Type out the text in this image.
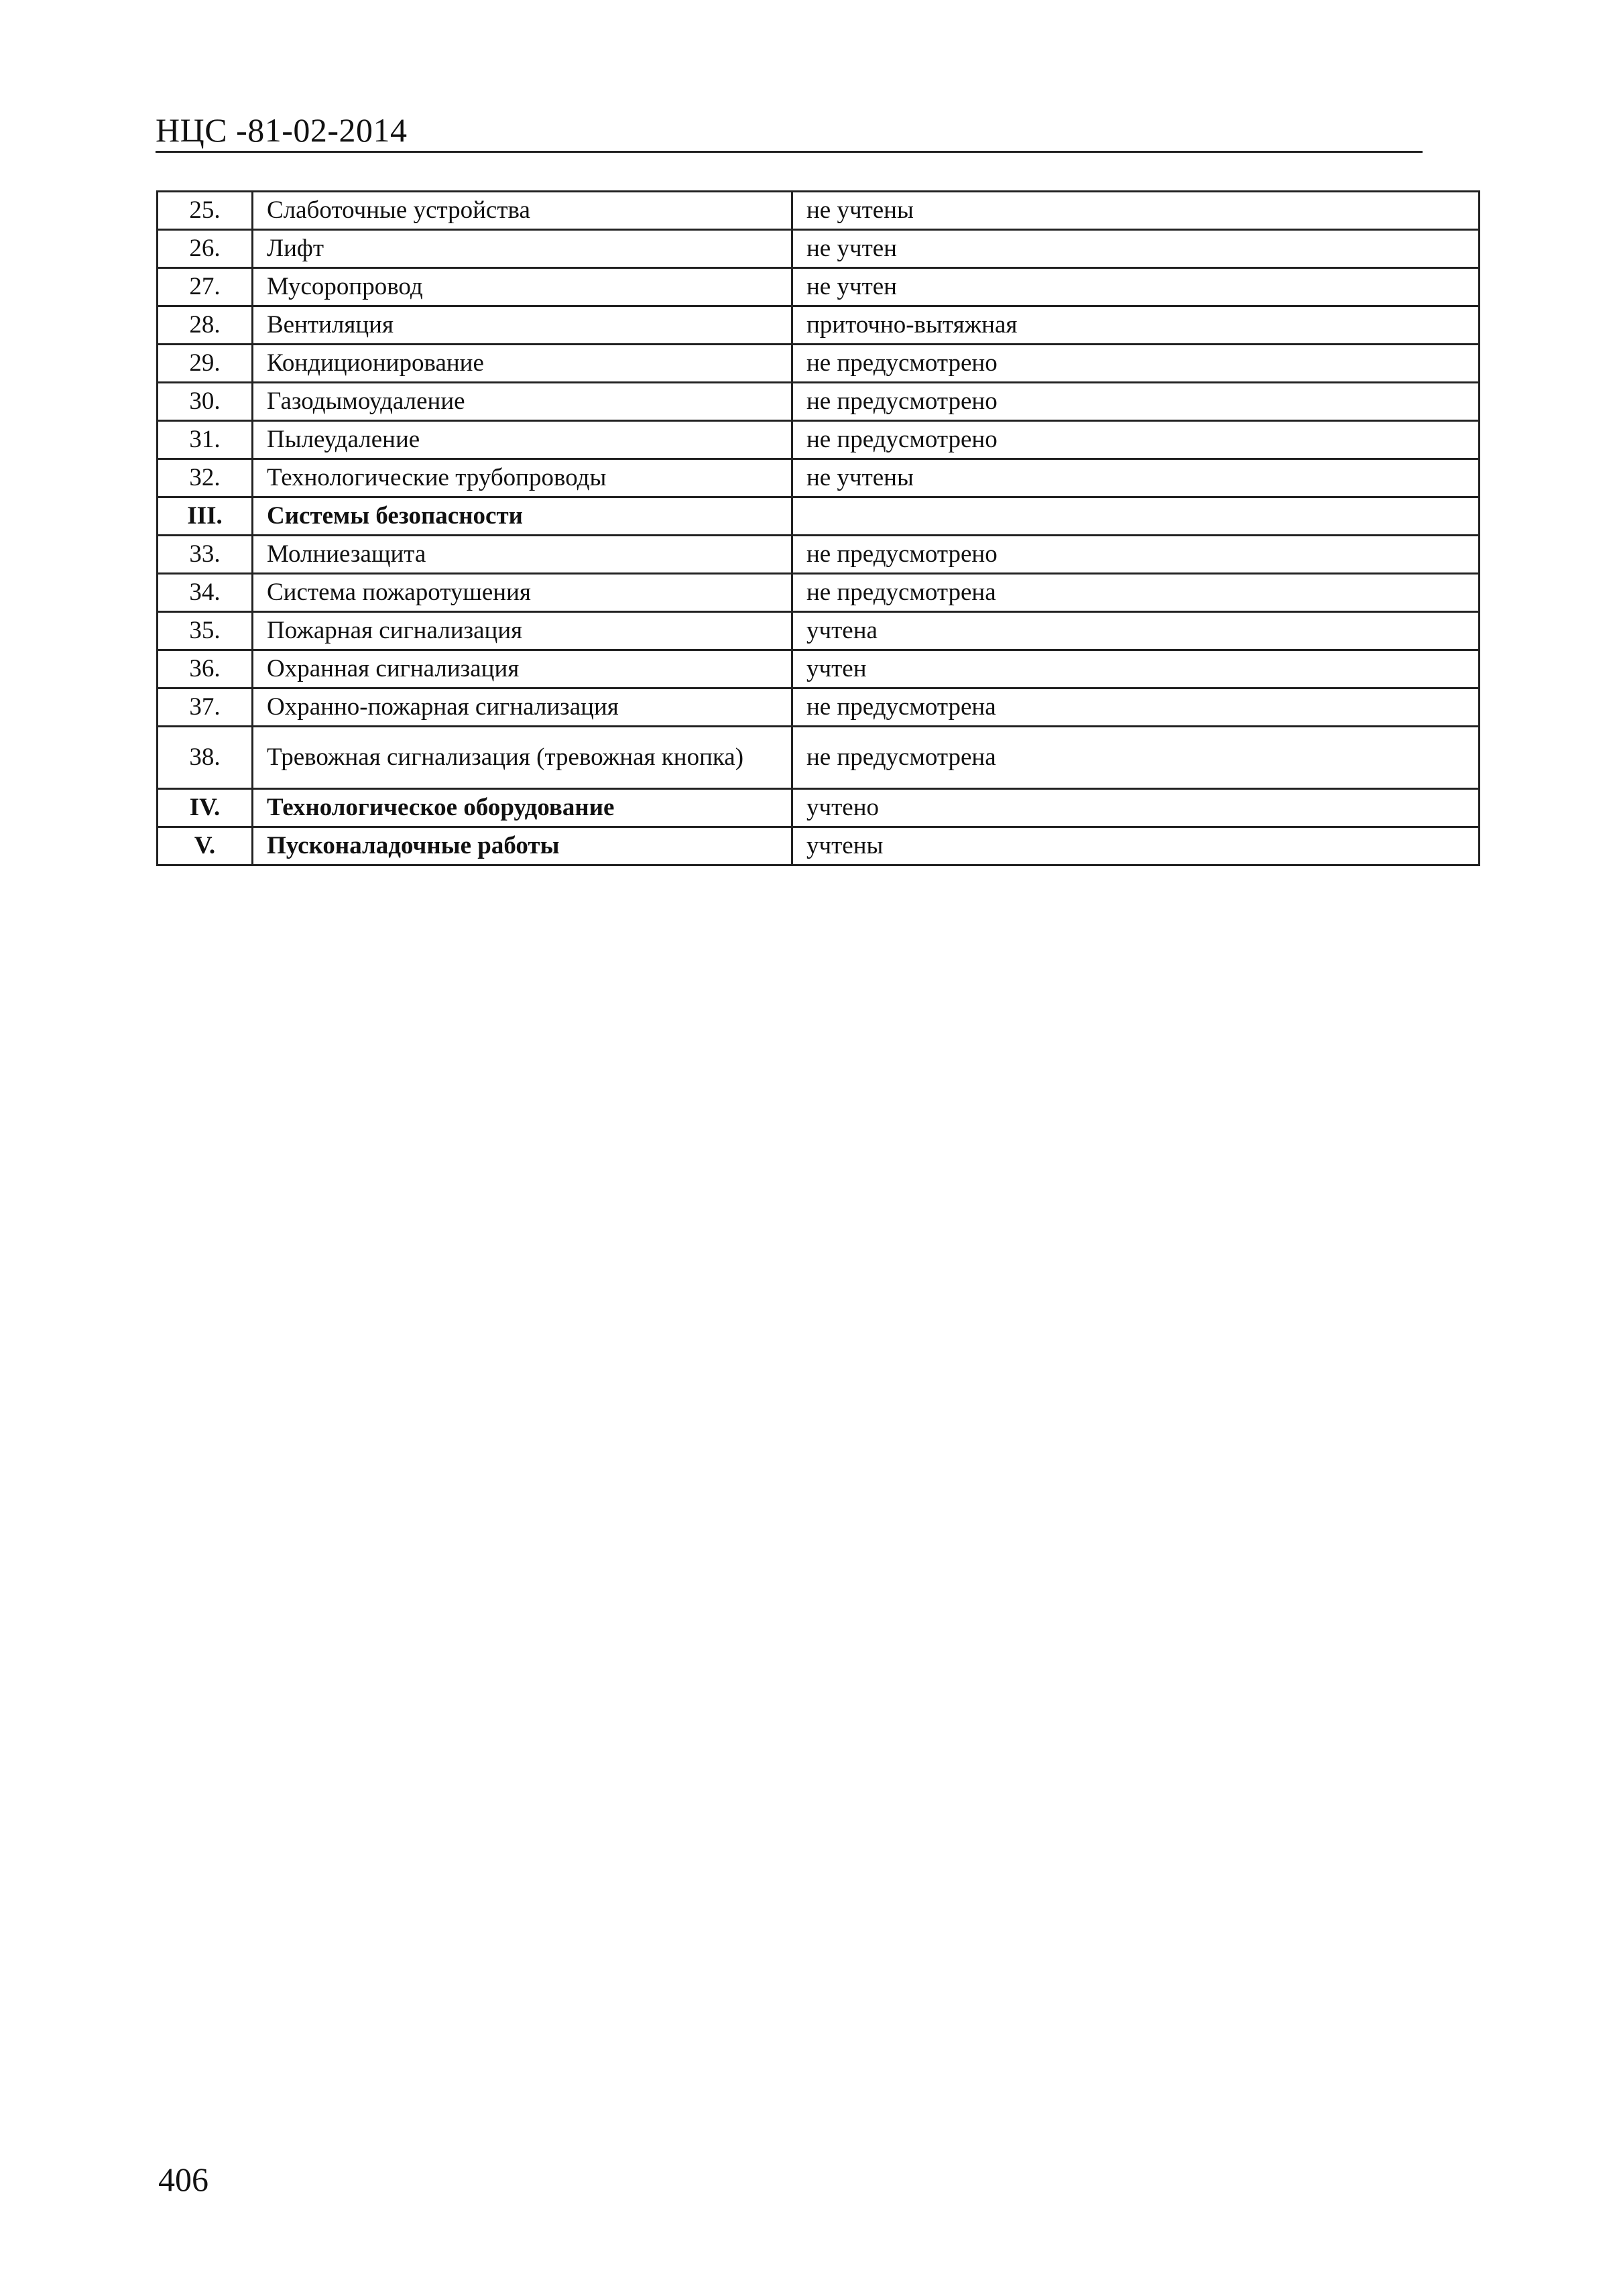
НЦС -81-02-2014
25.	Слаботочные устройства	не учтены
26.	Лифт	не учтен
27.	Мусоропровод	не учтен
28.	Вентиляция	приточно-вытяжная
29.	Кондиционирование	не предусмотрено
30.	Газодымоудаление	не предусмотрено
31.	Пылеудаление	не предусмотрено
32.	Технологические трубопроводы	не учтены
III.	Системы безопасности	
33.	Молниезащита	не предусмотрено
34.	Система пожаротушения	не предусмотрена
35.	Пожарная сигнализация	учтена
36.	Охранная сигнализация	учтен
37.	Охранно-пожарная сигнализация	не предусмотрена
38.	Тревожная сигнализация (тревожная кнопка)	не предусмотрена
IV.	Технологическое оборудование	учтено
V.	Пусконаладочные работы	учтены
406
